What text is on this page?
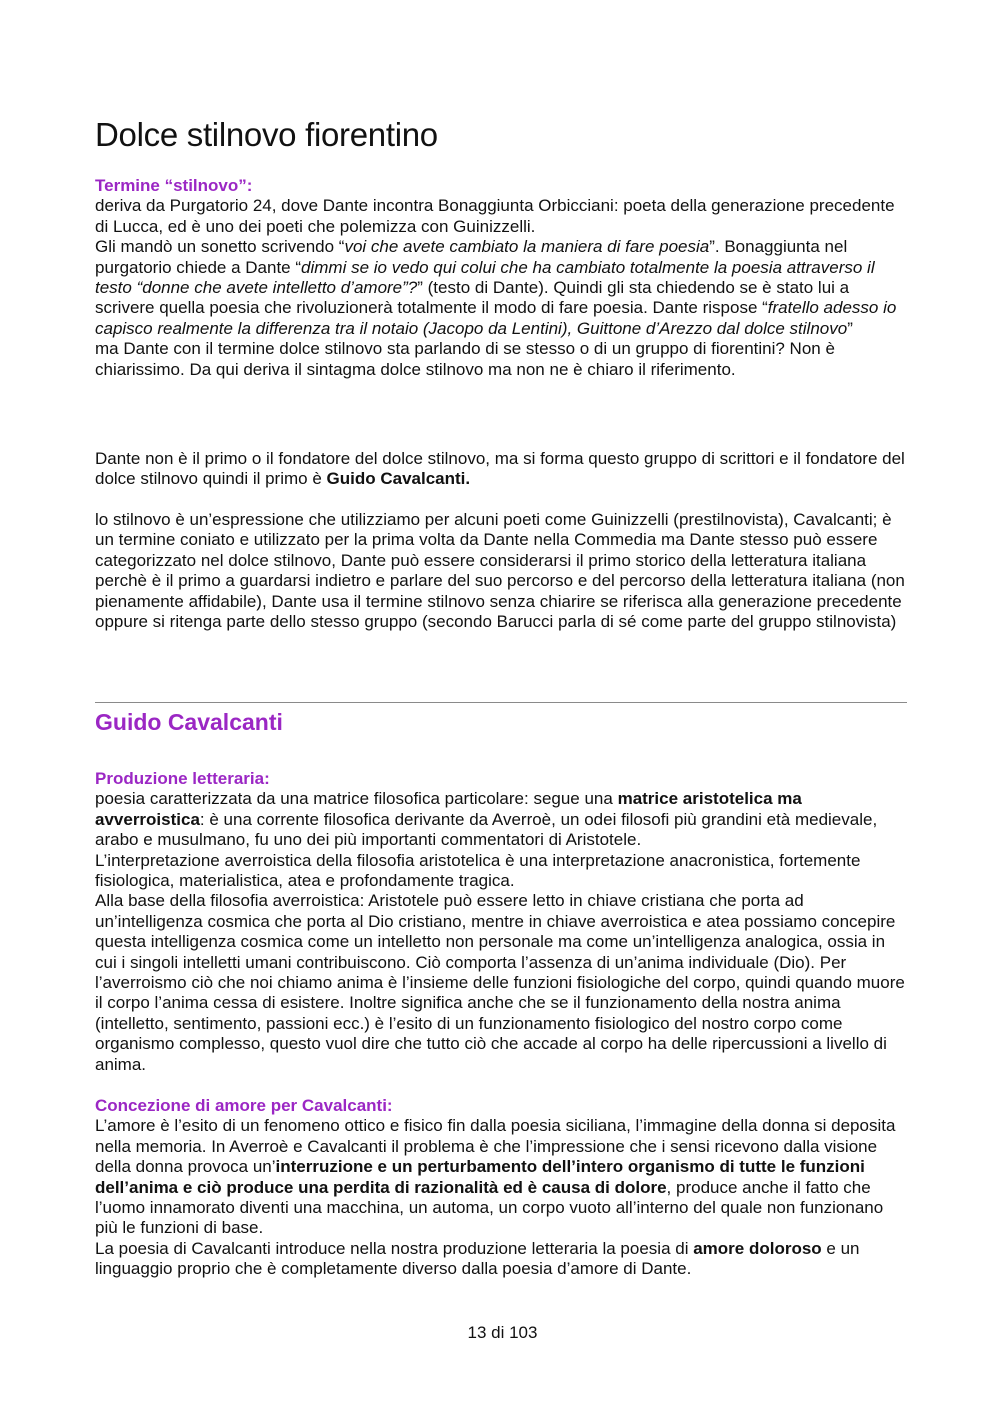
Dolce stilnovo fiorentino
Termine “stilnovo”:

deriva da Purgatorio 24, dove Dante incontra Bonaggiunta Orbicciani: poeta della generazione precedente di Lucca, ed è uno dei poeti che polemizza con Guinizzelli.

Gli mandò un sonetto scrivendo “voi che avete cambiato la maniera di fare poesia”. Bonaggiunta nel purgatorio chiede a Dante “dimmi se io vedo qui colui che ha cambiato totalmente la poesia attraverso il testo “donne che avete intelletto d’amore”?” (testo di Dante). Quindi gli sta chiedendo se è stato lui a scrivere quella poesia che rivoluzionerà totalmente il modo di fare poesia. Dante rispose “fratello adesso io capisco realmente la differenza tra il notaio (Jacopo da Lentini), Guittone d’Arezzo dal dolce stilnovo”

ma Dante con il termine dolce stilnovo sta parlando di se stesso o di un gruppo di fiorentini? Non è chiarissimo. Da qui deriva il sintagma dolce stilnovo ma non ne è chiaro il riferimento.

Dante non è il primo o il fondatore del dolce stilnovo, ma si forma questo gruppo di scrittori e il fondatore del dolce stilnovo quindi il primo è Guido Cavalcanti.
lo stilnovo è un’espressione che utilizziamo per alcuni poeti come Guinizzelli (prestilnovista), Cavalcanti; è un termine coniato e utilizzato per la prima volta da Dante nella Commedia ma Dante stesso può essere categorizzato nel dolce stilnovo, Dante può essere considerarsi il primo storico della letteratura italiana perchè è il primo a guardarsi indietro e parlare del suo percorso e del percorso della letteratura italiana (non pienamente affidabile), Dante usa il termine stilnovo senza chiarire se riferisca alla generazione precedente oppure si ritenga parte dello stesso gruppo (secondo Barucci parla di sé come parte del gruppo stilnovista)
Guido Cavalcanti
Produzione letteraria:

poesia caratterizzata da una matrice filosofica particolare: segue una matrice aristotelica ma avverroistica: è una corrente filosofica derivante da Averroè, un odei filosofi più grandini età medievale, arabo e musulmano, fu uno dei più importanti commentatori di Aristotele.

L’interpretazione averroistica della filosofia aristotelica è una interpretazione anacronistica, fortemente fisiologica, materialistica, atea e profondamente tragica.

Alla base della filosofia averroistica: Aristotele può essere letto in chiave cristiana che porta ad un’intelligenza cosmica che porta al Dio cristiano, mentre in chiave averroistica e atea possiamo concepire questa intelligenza cosmica come un intelletto non personale ma come un’intelligenza analogica, ossia in cui i singoli intelletti umani contribuiscono. Ciò comporta l’assenza di un’anima individuale (Dio). Per l’averroismo ciò che noi chiamo anima è l’insieme delle funzioni fisiologiche del corpo, quindi quando muore il corpo l’anima cessa di esistere. Inoltre significa anche che se il funzionamento della nostra anima (intelletto, sentimento, passioni ecc.) è l’esito di un funzionamento fisiologico del nostro corpo come organismo complesso, questo vuol dire che tutto ciò che accade al corpo ha delle ripercussioni a livello di anima.

Concezione di amore per Cavalcanti:

L’amore è l’esito di un fenomeno ottico e fisico fin dalla poesia siciliana, l’immagine della donna si deposita nella memoria. In Averroè e Cavalcanti il problema è che l’impressione che i sensi ricevono dalla visione della donna provoca un’interruzione e un perturbamento dell’intero organismo di tutte le funzioni dell’anima e ciò produce una perdita di razionalità ed è causa di dolore, produce anche il fatto che l’uomo innamorato diventi una macchina, un automa, un corpo vuoto all’interno del quale non funzionano più le funzioni di base.

La poesia di Cavalcanti introduce nella nostra produzione letteraria la poesia di amore doloroso e un linguaggio proprio che è completamente diverso dalla poesia d’amore di Dante.

13 di 103
